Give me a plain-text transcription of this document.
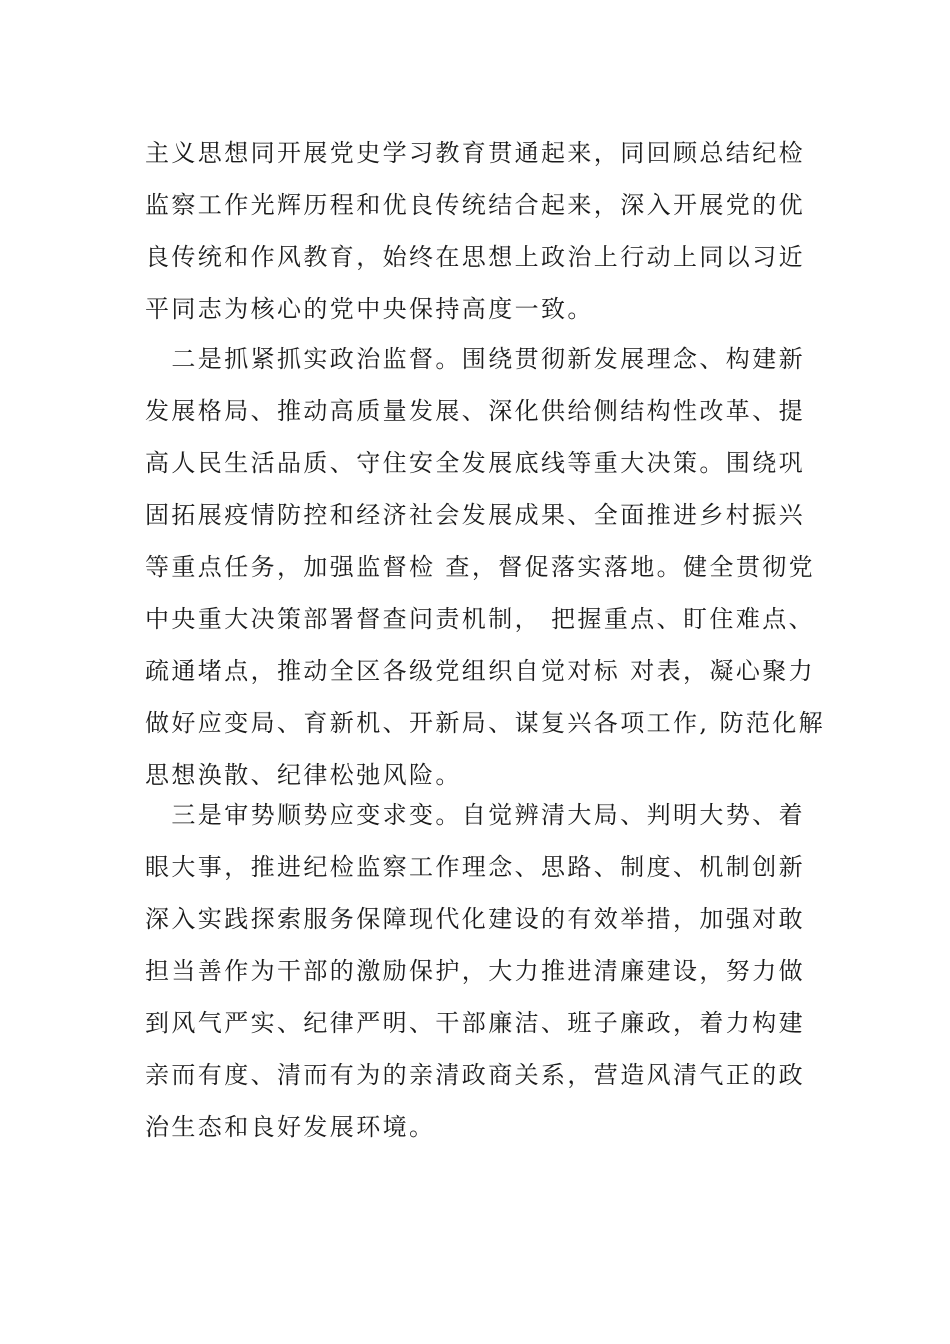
主义思想同开展党史学习教育贯通起来，同回顾总结纪检
监察工作光辉历程和优良传统结合起来，深入开展党的优
良传统和作风教育，始终在思想上政治上行动上同以习近
平同志为核心的党中央保持高度一致。
　二是抓紧抓实政治监督。围绕贯彻新发展理念、构建新
发展格局、推动高质量发展、深化供给侧结构性改革、提
高人民生活品质、守住安全发展底线等重大决策。围绕巩
固拓展疫情防控和经济社会发展成果、全面推进乡村振兴
等重点任务，加强监督检 查，督促落实落地。健全贯彻党
中央重大决策部署督查问责机制， 把握重点、盯住难点、
疏通堵点，推动全区各级党组织自觉对标 对表，凝心聚力
做好应变局、育新机、开新局、谋复兴各项工作, 防范化解
思想涣散、纪律松弛风险。
　三是审势顺势应变求变。自觉辨清大局、判明大势、着
眼大事，推进纪检监察工作理念、思路、制度、机制创新
深入实践探索服务保障现代化建设的有效举措，加强对敢
担当善作为干部的激励保护，大力推进清廉建设，努力做
到风气严实、纪律严明、干部廉洁、班子廉政，着力构建
亲而有度、清而有为的亲清政商关系，营造风清气正的政
治生态和良好发展环境。
